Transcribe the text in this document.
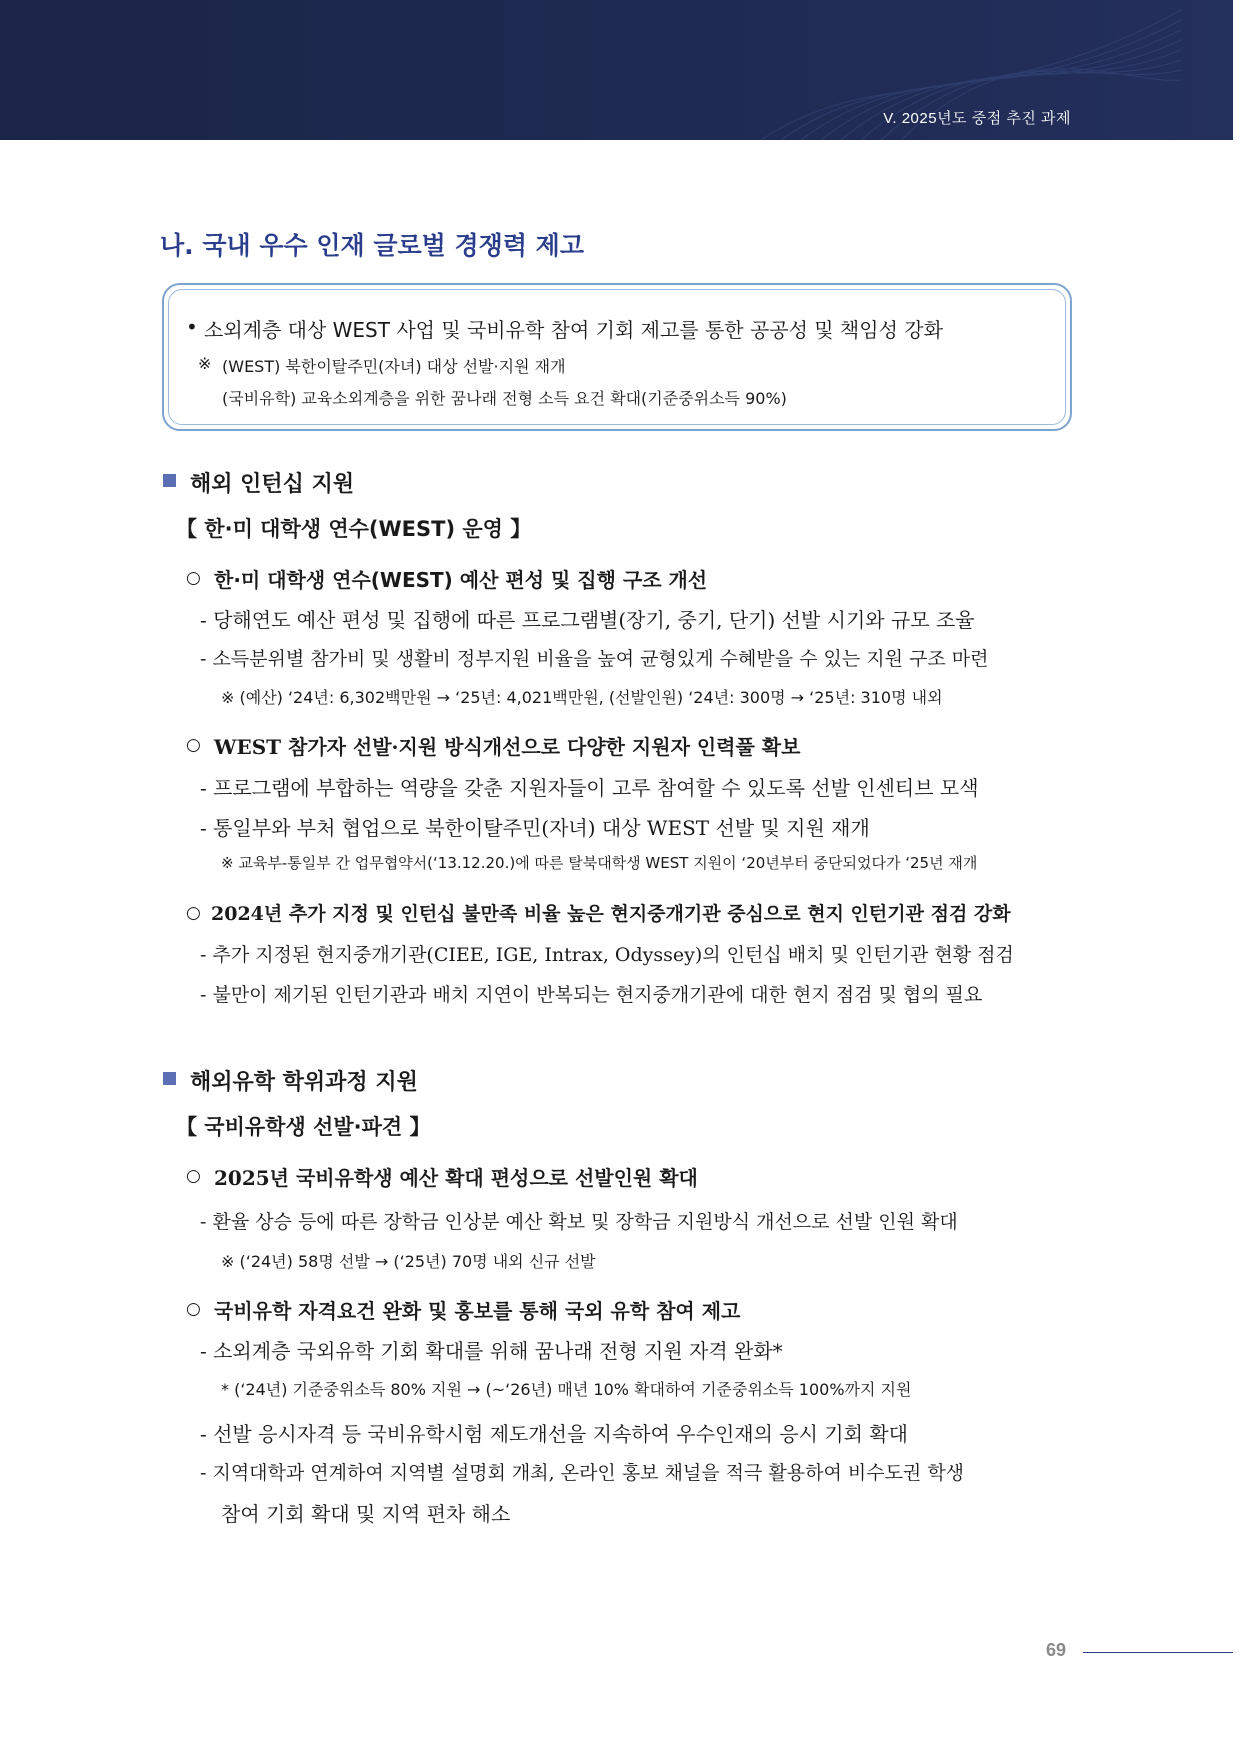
V. 2025년도 중점 추진 과제
나. 국내 우수 인재 글로벌 경쟁력 제고
• 소외계층 대상 WEST 사업 및 국비유학 참여 기회 제고를 통한 공공성 및 책임성 강화
※ (WEST) 북한이탈주민(자녀) 대상 선발·지원 재개
(국비유학) 교육소외계층을 위한 꿈나래 전형 소득 요건 확대(기준중위소득 90%)
해외 인턴십 지원
【 한·미 대학생 연수(WEST) 운영 】
○ 한·미 대학생 연수(WEST) 예산 편성 및 집행 구조 개선
- 당해연도 예산 편성 및 집행에 따른 프로그램별(장기, 중기, 단기) 선발 시기와 규모 조율
- 소득분위별 참가비 및 생활비 정부지원 비율을 높여 균형있게 수혜받을 수 있는 지원 구조 마련
※ (예산) ‘24년: 6,302백만원 → ‘25년: 4,021백만원, (선발인원) ‘24년: 300명 → ‘25년: 310명 내외
○ WEST 참가자 선발·지원 방식개선으로 다양한 지원자 인력풀 확보
- 프로그램에 부합하는 역량을 갖춘 지원자들이 고루 참여할 수 있도록 선발 인센티브 모색
- 통일부와 부처 협업으로 북한이탈주민(자녀) 대상 WEST 선발 및 지원 재개
※ 교육부-통일부 간 업무협약서(‘13.12.20.)에 따른 탈북대학생 WEST 지원이 ‘20년부터 중단되었다가 ‘25년 재개
○ 2024년 추가 지정 및 인턴십 불만족 비율 높은 현지중개기관 중심으로 현지 인턴기관 점검 강화
- 추가 지정된 현지중개기관(CIEE, IGE, Intrax, Odyssey)의 인턴십 배치 및 인턴기관 현황 점검
- 불만이 제기된 인턴기관과 배치 지연이 반복되는 현지중개기관에 대한 현지 점검 및 협의 필요
해외유학 학위과정 지원
【 국비유학생 선발·파견 】
○ 2025년 국비유학생 예산 확대 편성으로 선발인원 확대
- 환율 상승 등에 따른 장학금 인상분 예산 확보 및 장학금 지원방식 개선으로 선발 인원 확대
※ (‘24년) 58명 선발 → (‘25년) 70명 내외 신규 선발
○ 국비유학 자격요건 완화 및 홍보를 통해 국외 유학 참여 제고
- 소외계층 국외유학 기회 확대를 위해 꿈나래 전형 지원 자격 완화*
* (‘24년) 기준중위소득 80% 지원 → (~‘26년) 매년 10% 확대하여 기준중위소득 100%까지 지원
- 선발 응시자격 등 국비유학시험 제도개선을 지속하여 우수인재의 응시 기회 확대
- 지역대학과 연계하여 지역별 설명회 개최, 온라인 홍보 채널을 적극 활용하여 비수도권 학생
참여 기회 확대 및 지역 편차 해소
69
